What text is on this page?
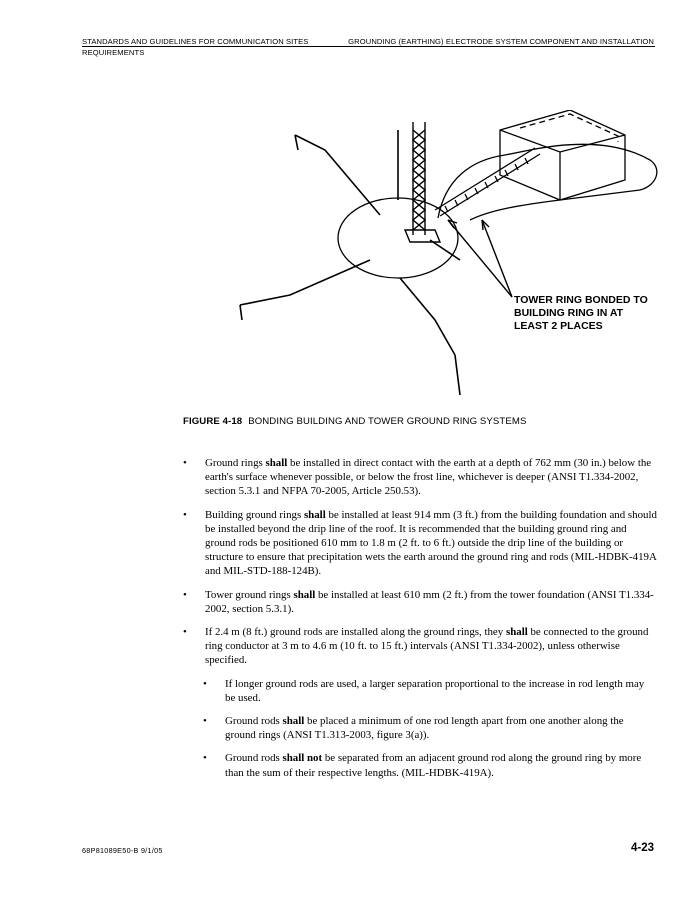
STANDARDS AND GUIDELINES FOR COMMUNICATION SITES	GROUNDING (EARTHING) ELECTRODE SYSTEM COMPONENT AND INSTALLATION
REQUIREMENTS
TOWER RING BONDED TO
BUILDING RING IN AT
LEAST 2 PLACES
FIGURE 4-18 BONDING BUILDING AND TOWER GROUND RING SYSTEMS
• Ground rings shall be installed in direct contact with the earth at a depth of 762 mm (30 in.) below the earth's surface whenever possible, or below the frost line, whichever is deeper (ANSI T1.334-2002, section 5.3.1 and NFPA 70-2005, Article 250.53).
• Building ground rings shall be installed at least 914 mm (3 ft.) from the building foundation and should be installed beyond the drip line of the roof. It is recommended that the building ground ring and ground rods be positioned 610 mm to 1.8 m (2 ft. to 6 ft.) outside the drip line of the building or structure to ensure that precipitation wets the earth around the ground ring and rods (MIL-HDBK-419A and MIL-STD-188-124B).
• Tower ground rings shall be installed at least 610 mm (2 ft.) from the tower foundation (ANSI T1.334-2002, section 5.3.1).
• If 2.4 m (8 ft.) ground rods are installed along the ground rings, they shall be connected to the ground ring conductor at 3 m to 4.6 m (10 ft. to 15 ft.) intervals (ANSI T1.334-2002), unless otherwise specified.
• If longer ground rods are used, a larger separation proportional to the increase in rod length may be used.
• Ground rods shall be placed a minimum of one rod length apart from one another along the ground rings (ANSI T1.313-2003, figure 3(a)).
• Ground rods shall not be separated from an adjacent ground rod along the ground ring by more than the sum of their respective lengths. (MIL-HDBK-419A).
68P81089E50-B 9/1/05	4-23
